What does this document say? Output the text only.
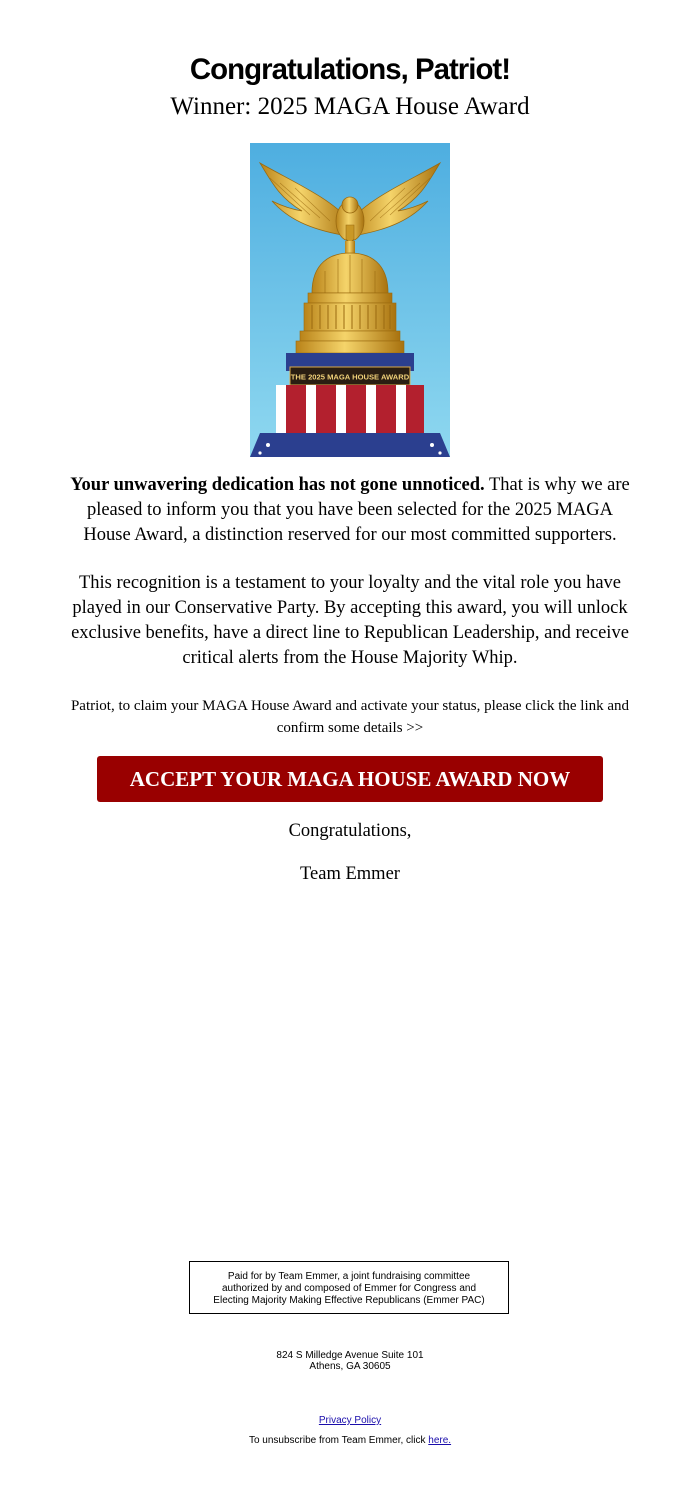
Congratulations, Patriot!
Winner: 2025 MAGA House Award
THE 2025 MAGA HOUSE AWARD

Your unwavering dedication has not gone unnoticed. That is why we are pleased to inform you that you have been selected for the 2025 MAGA House Award, a distinction reserved for our most committed supporters.

This recognition is a testament to your loyalty and the vital role you have played in our Conservative Party. By accepting this award, you will unlock exclusive benefits, have a direct line to Republican Leadership, and receive critical alerts from the House Majority Whip.

Patriot, to claim your MAGA House Award and activate your status, please click the link and confirm some details >>

ACCEPT YOUR MAGA HOUSE AWARD NOW

Congratulations,

Team Emmer

Paid for by Team Emmer, a joint fundraising committee
authorized by and composed of Emmer for Congress and
Electing Majority Making Effective Republicans (Emmer PAC)
824 S Milledge Avenue Suite 101
Athens, GA 30605
Privacy Policy
To unsubscribe from Team Emmer, click here.
